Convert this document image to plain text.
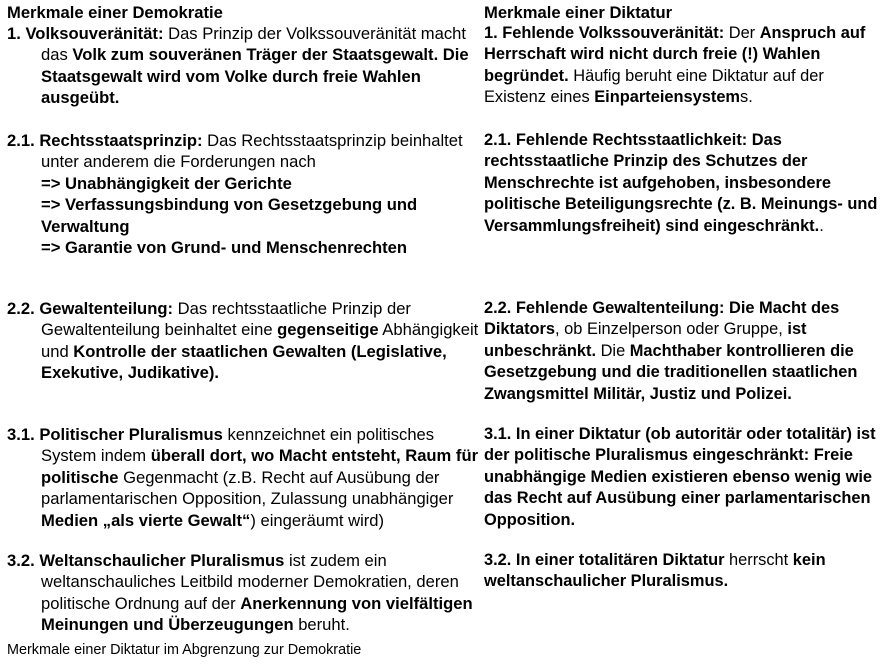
Merkmale einer Demokratie
1. Volksouveränität: Das Prinzip der Volkssouveränität macht das Volk zum souveränen Träger der Staatsgewalt. Die Staatsgewalt wird vom Volke durch freie Wahlen ausgeübt.
2.1. Rechtsstaatsprinzip: Das Rechtsstaatsprinzip beinhaltet unter anderem die Forderungen nach
=> Unabhängigkeit der Gerichte
=> Verfassungsbindung von Gesetzgebung und Verwaltung
=> Garantie von Grund- und Menschenrechten
2.2. Gewaltenteilung: Das rechtsstaatliche Prinzip der Gewaltenteilung beinhaltet eine gegenseitige Abhängigkeit und Kontrolle der staatlichen Gewalten (Legislative, Exekutive, Judikative).
3.1. Politischer Pluralismus kennzeichnet ein politisches System indem überall dort, wo Macht entsteht, Raum für politische Gegenmacht (z.B. Recht auf Ausübung der parlamentarischen Opposition, Zulassung unabhängiger Medien „als vierte Gewalt“) eingeräumt wird)
3.2. Weltanschaulicher Pluralismus ist zudem ein weltanschauliches Leitbild moderner Demokratien, deren politische Ordnung auf der Anerkennung von vielfältigen Meinungen und Überzeugungen beruht.
Merkmale einer Diktatur
1. Fehlende Volkssouveränität: Der Anspruch auf Herrschaft wird nicht durch freie (!) Wahlen begründet. Häufig beruht eine Diktatur auf der Existenz eines Einparteiensystems.
2.1. Fehlende Rechtsstaatlichkeit: Das rechtsstaatliche Prinzip des Schutzes der Menschrechte ist aufgehoben, insbesondere politische Beteiligungsrechte (z. B. Meinungs- und Versammlungsfreiheit) sind eingeschränkt..
2.2. Fehlende Gewaltenteilung: Die Macht des Diktators, ob Einzelperson oder Gruppe, ist unbeschränkt. Die Machthaber kontrollieren die Gesetzgebung und die traditionellen staatlichen Zwangsmittel Militär, Justiz und Polizei.
3.1. In einer Diktatur (ob autoritär oder totalitär) ist der politische Pluralismus eingeschränkt: Freie unabhängige Medien existieren ebenso wenig wie das Recht auf Ausübung einer parlamentarischen Opposition.
3.2. In einer totalitären Diktatur herrscht kein weltanschaulicher Pluralismus.
Merkmale einer Diktatur im Abgrenzung zur Demokratie
